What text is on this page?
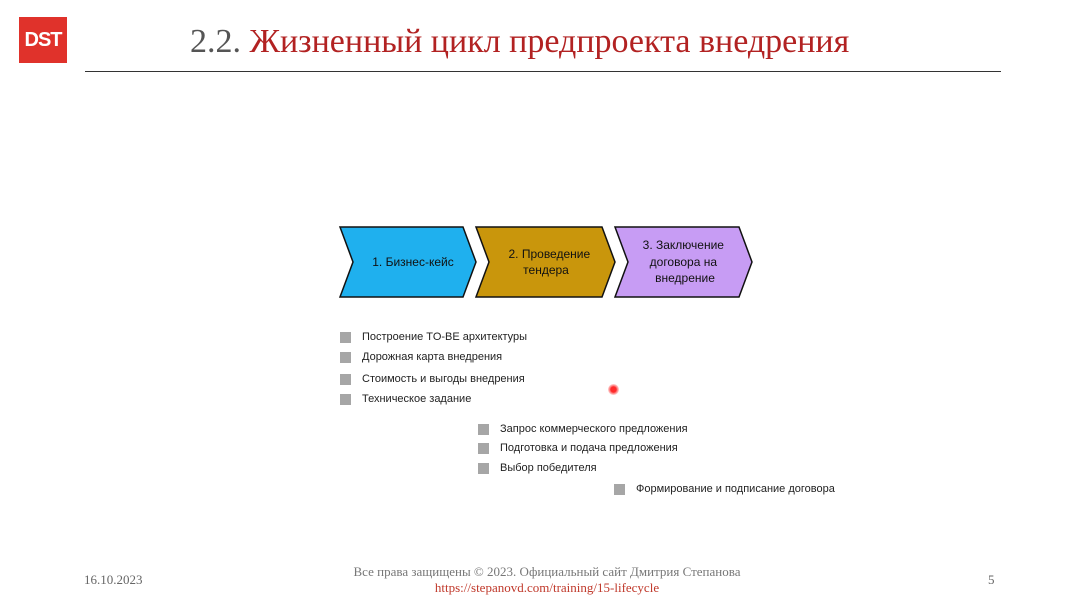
DST	2.2. Жизненный цикл предпроекта внедрения
1. Бизнес-кейс
2. Проведение тендера
3. Заключение договора на внедрение
Построение TO-BE архитектуры
Дорожная карта внедрения
Стоимость и выгоды внедрения
Техническое задание
Запрос коммерческого предложения
Подготовка и подача предложения
Выбор победителя
Формирование и подписание договора
16.10.2023
Все права защищены © 2023. Официальный сайт Дмитрия Степанова
https://stepanovd.com/training/15-lifecycle
5
